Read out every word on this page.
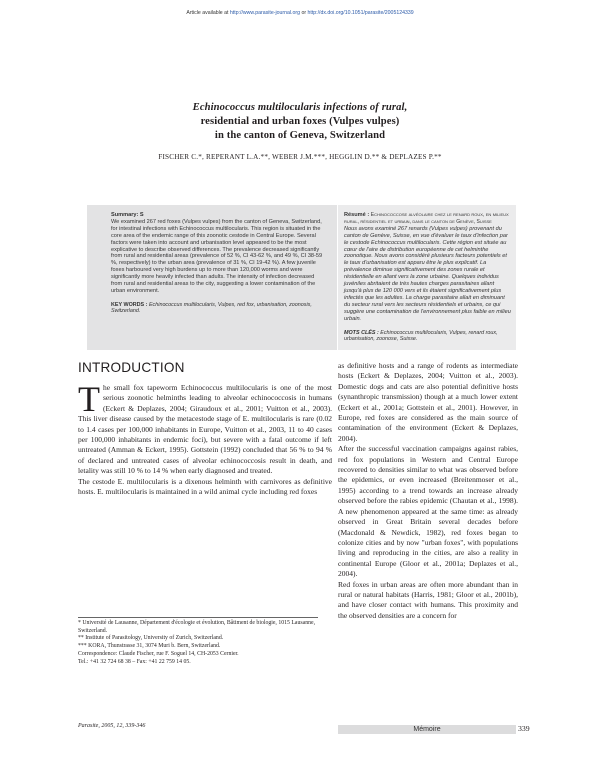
Article available at http://www.parasite-journal.org or http://dx.doi.org/10.1051/parasite/2005124339
Echinococcus multilocularis infections of rural,
residential and urban foxes (Vulpes vulpes)
in the canton of Geneva, Switzerland
FISCHER C.*, REPERANT L.A.**, WEBER J.M.***, HEGGLIN D.** & DEPLAZES P.**
Summary: S
We examined 267 red foxes (Vulpes vulpes) from the canton of Geneva, Switzerland, for intestinal infections with Echinococcus multilocularis. This region is situated in the core area of the endemic range of this zoonotic cestode in Central Europe. Several factors were taken into account and urbanisation level appeared to be the most explicative to describe observed differences. The prevalence decreased significantly from rural and residential areas (prevalence of 52 %, CI 43-62 %, and 49 %, CI 38-59 %, respectively) to the urban area (prevalence of 31 %, CI 19-42 %). A few juvenile foxes harboured very high burdens up to more than 120,000 worms and were significantly more heavily infected than adults. The intensity of infection decreased from rural and residential areas to the city, suggesting a lower contamination of the urban environment.
KEY WORDS : Echinococcus multilocularis, Vulpes, red fox, urbanisation, zoonosis, Switzerland.
Résumé : Echinococcose alvéolaire chez le renard roux, en milieux rural, résidentiel et urbain, dans le canton de Genève, Suisse
Nous avons examiné 267 renards (Vulpes vulpes) provenant du canton de Genève, Suisse, en vue d'évaluer le taux d'infection par le cestode Echinococcus multilocularis. Cette région est située au cœur de l'aire de distribution européenne de cet helminthe zoonotique. Nous avons considéré plusieurs facteurs potentiels et le taux d'urbanisation est apparu être le plus explicatif. La prévalence diminue significativement des zones rurale et résidentielle en allant vers la zone urbaine. Quelques individus juvéniles abritaient de très hautes charges parasitaires allant jusqu'à plus de 120 000 vers et ils étaient significativement plus infectés que les adultes. La charge parasitaire allait en diminuant du secteur rural vers les secteurs résidentiels et urbains, ce qui suggère une contamination de l'environnement plus faible en milieu urbain.
MOTS CLÉS : Echinococcus multilocularis, Vulpes, renard roux, urbanisation, zoonose, Suisse.
INTRODUCTION

The small fox tapeworm Echinococcus multilocularis is one of the most serious zoonotic helminths leading to alveolar echinococcosis in humans (Eckert & Deplazes, 2004; Giraudoux et al., 2001; Vuitton et al., 2003). This liver disease caused by the metacestode stage of E. multilocularis is rare (0.02 to 1.4 cases per 100,000 inhabitants in Europe, Vuitton et al., 2003, 11 to 40 cases per 100,000 inhabitants in endemic foci), but severe with a fatal outcome if left untreated (Amman & Eckert, 1995). Gottstein (1992) concluded that 56 % to 94 % of declared and untreated cases of alveolar echinococcosis result in death, and letality was still 10 % to 14 % when early diagnosed and treated.

The cestode E. multilocularis is a dixenous helminth with carnivores as definitive hosts. E. multilocularis is maintained in a wild animal cycle including red foxes

* Université de Lausanne, Département d'écologie et évolution, Bâtiment de biologie, 1015 Lausanne, Switzerland.
** Institute of Parasitology, University of Zurich, Switzerland.
*** KORA, Thunstrasse 31, 3074 Muri b. Bern, Switzerland.
Correspondence: Claude Fischer, rue F. Soguel 14, CH-2053 Cernier.
Tel.: +41 32 724 68 38 – Fax: +41 22 759 14 05.

as definitive hosts and a range of rodents as intermediate hosts (Eckert & Deplazes, 2004; Vuitton et al., 2003). Domestic dogs and cats are also potential definitive hosts (synanthropic transmission) though at a much lower extent (Eckert et al., 2001a; Gottstein et al., 2001). However, in Europe, red foxes are considered as the main source of contamination of the environment (Eckert & Deplazes, 2004).

After the successful vaccination campaigns against rabies, red fox populations in Western and Central Europe recovered to densities similar to what was observed before the epidemics, or even increased (Breitenmoser et al., 1995) according to a trend towards an increase already observed before the rabies epidemic (Chautan et al., 1998). A new phenomenon appeared at the same time: as already observed in Great Britain several decades before (Macdonald & Newdick, 1982), red foxes began to colonize cities and by now "urban foxes", with populations living and reproducing in the cities, are also a reality in continental Europe (Gloor et al., 2001a; Deplazes et al., 2004).

Red foxes in urban areas are often more abundant than in rural or natural habitats (Harris, 1981; Gloor et al., 2001b), and have closer contact with humans. This proximity and the observed densities are a concern for

Parasite, 2005, 12, 339-346	Mémoire	339
